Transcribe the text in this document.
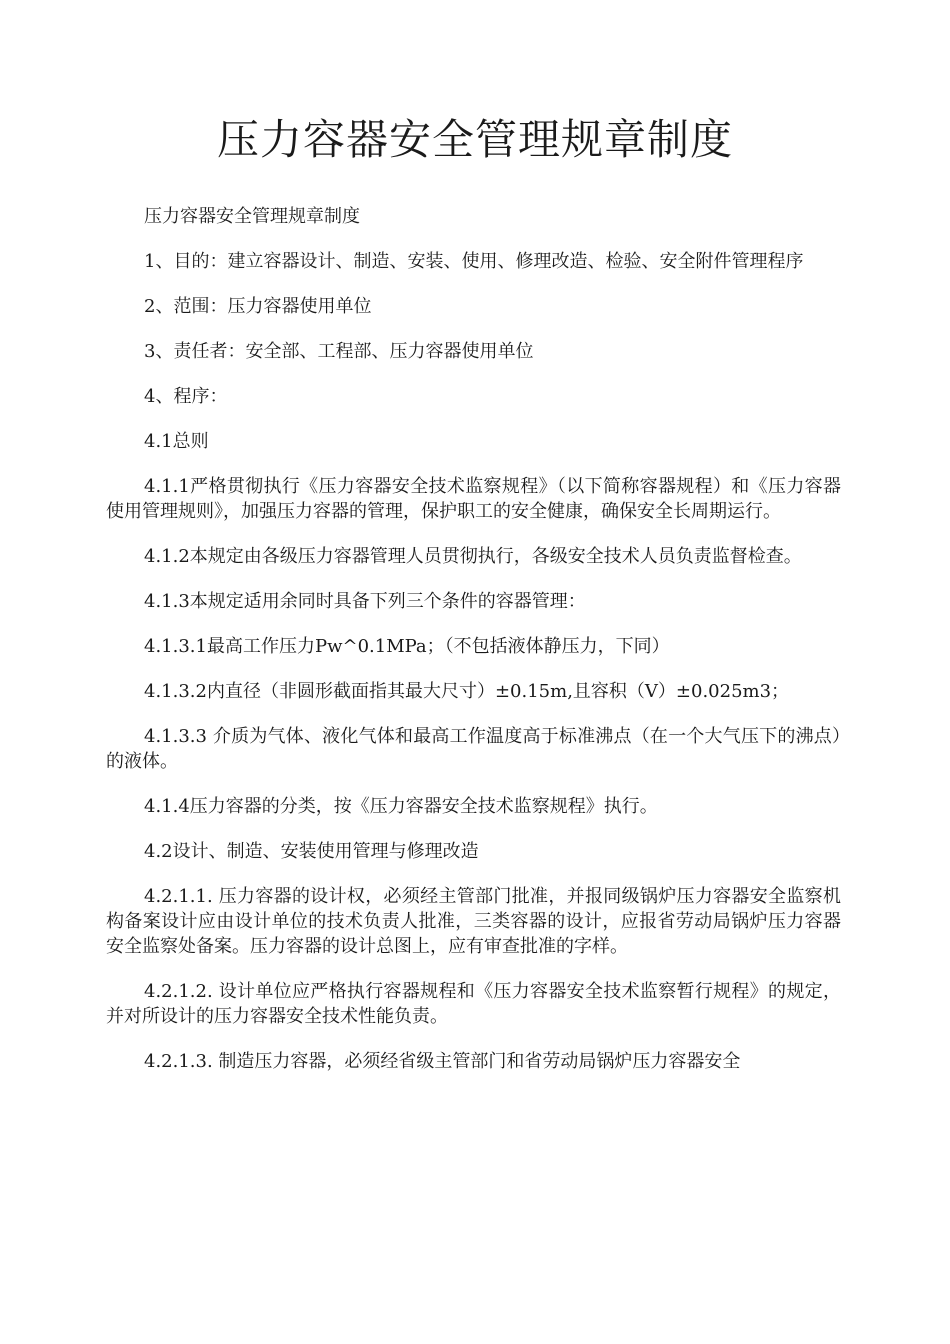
压力容器安全管理规章制度

压力容器安全管理规章制度

1、目的：建立容器设计、制造、安装、使用、修理改造、检验、安全附件管理程序

2、范围：压力容器使用单位

3、责任者：安全部、工程部、压力容器使用单位

4、程序：

4.1总则

4.1.1严格贯彻执行《压力容器安全技术监察规程》（以下简称容器规程）和《压力容器使用管理规则》，加强压力容器的管理，保护职工的安全健康，确保安全长周期运行。

4.1.2本规定由各级压力容器管理人员贯彻执行，各级安全技术人员负责监督检查。

4.1.3本规定适用余同时具备下列三个条件的容器管理：

4.1.3.1最高工作压力Pw^0.1MPa；（不包括液体静压力，下同）

4.1.3.2内直径（非圆形截面指其最大尺寸）±0.15m,且容积（V）±0.025m3；

4.1.3.3 介质为气体、液化气体和最高工作温度高于标准沸点（在一个大气压下的沸点）的液体。

4.1.4压力容器的分类，按《压力容器安全技术监察规程》执行。

4.2设计、制造、安装使用管理与修理改造

4.2.1.1. 压力容器的设计权，必须经主管部门批准，并报同级锅炉压力容器安全监察机构备案设计应由设计单位的技术负责人批准，三类容器的设计，应报省劳动局锅炉压力容器安全监察处备案。压力容器的设计总图上，应有审查批准的字样。

4.2.1.2. 设计单位应严格执行容器规程和《压力容器安全技术监察暂行规程》的规定，并对所设计的压力容器安全技术性能负责。

4.2.1.3. 制造压力容器，必须经省级主管部门和省劳动局锅炉压力容器安全
